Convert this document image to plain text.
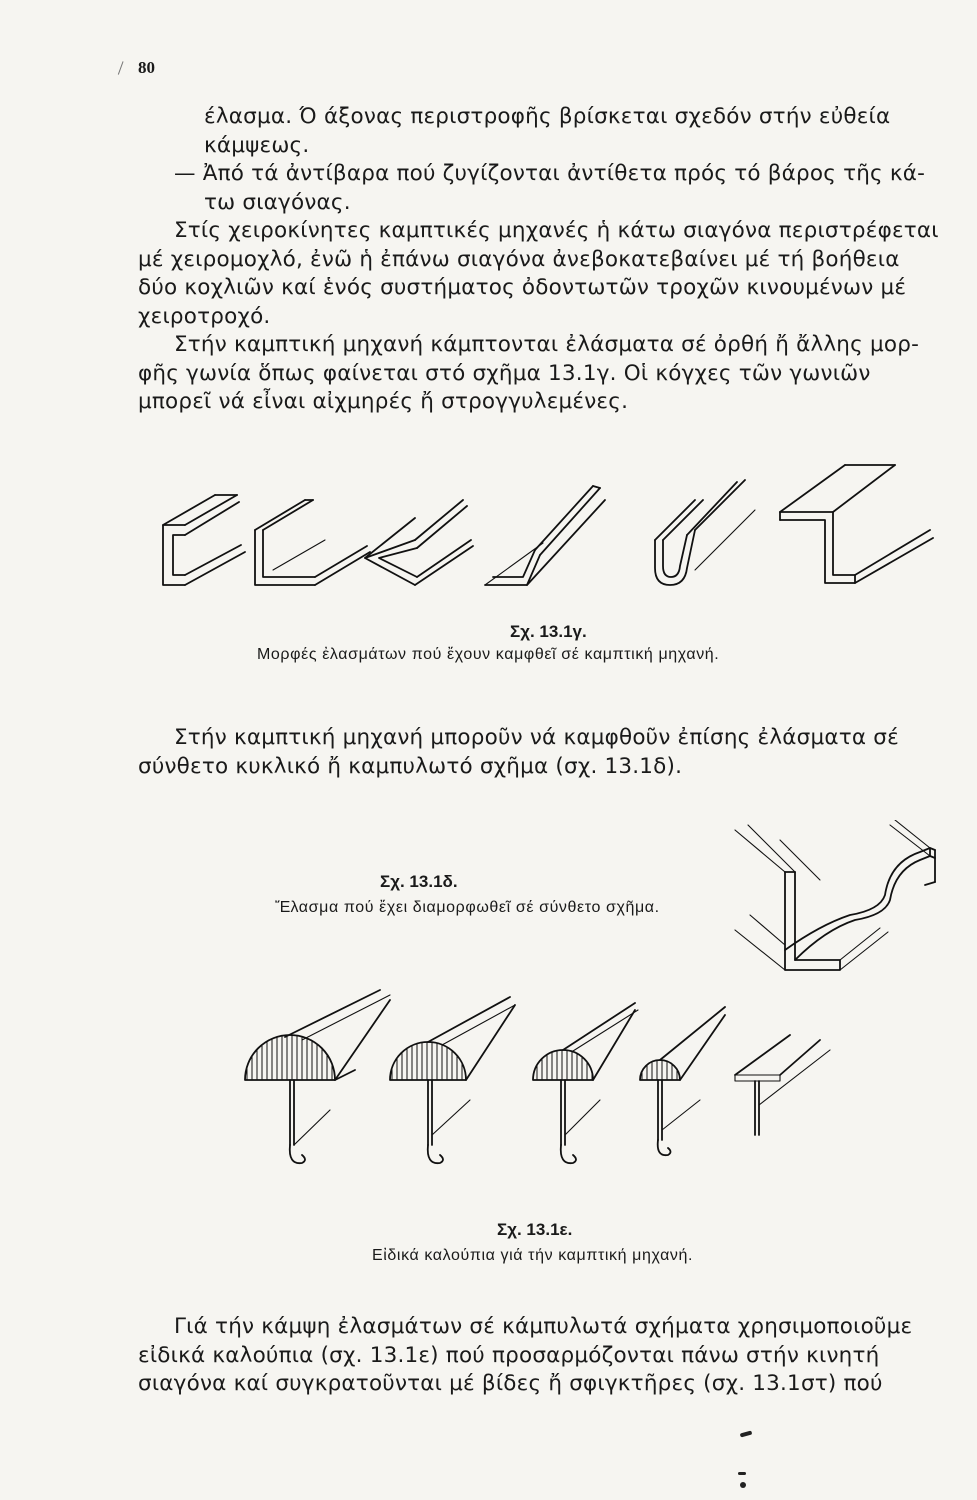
80
έλασμα. Ό άξονας περιστροφῆς βρίσκεται σχεδόν στήν εὐθεία
κάμψεως.
— Ἀπό τά ἀντίβαρα πού ζυγίζονται ἀντίθετα πρός τό βάρος τῆς κά-
τω σιαγόνας.
Στίς χειροκίνητες καμπτικές μηχανές ἡ κάτω σιαγόνα περιστρέφεται
μέ χειρομοχλό, ἐνῶ ἡ ἐπάνω σιαγόνα ἀνεβοκατεβαίνει μέ τή βοήθεια
δύο κοχλιῶν καί ἑνός συστήματος ὀδοντωτῶν τροχῶν κινουμένων μέ
χειροτροχό.
Στήν καμπτική μηχανή κάμπτονται ἐλάσματα σέ ὀρθή ἤ ἄλλης μορ-
φῆς γωνία ὅπως φαίνεται στό σχῆμα 13.1γ. Οἱ κόγχες τῶν γωνιῶν
μπορεῖ νά εἶναι αἰχμηρές ἤ στρογγυλεμένες.
Σχ. 13.1γ.
Μορφές ἐλασμάτων πού ἔχουν καμφθεῖ σέ καμπτική μηχανή.
Στήν καμπτική μηχανή μποροῦν νά καμφθοῦν ἐπίσης ἐλάσματα σέ
σύνθετο κυκλικό ἤ καμπυλωτό σχῆμα (σχ. 13.1δ).
Σχ. 13.1δ.
Ἔλασμα πού ἔχει διαμορφωθεῖ σέ σύνθετο σχῆμα.
Σχ. 13.1ε.
Εἰδικά καλούπια γιά τήν καμπτική μηχανή.
Γιά τήν κάμψη ἐλασμάτων σέ κάμπυλωτά σχήματα χρησιμοποιοῦμε
εἰδικά καλούπια (σχ. 13.1ε) πού προσαρμόζονται πάνω στήν κινητή
σιαγόνα καί συγκρατοῦνται μέ βίδες ἤ σφιγκτῆρες (σχ. 13.1στ) πού
